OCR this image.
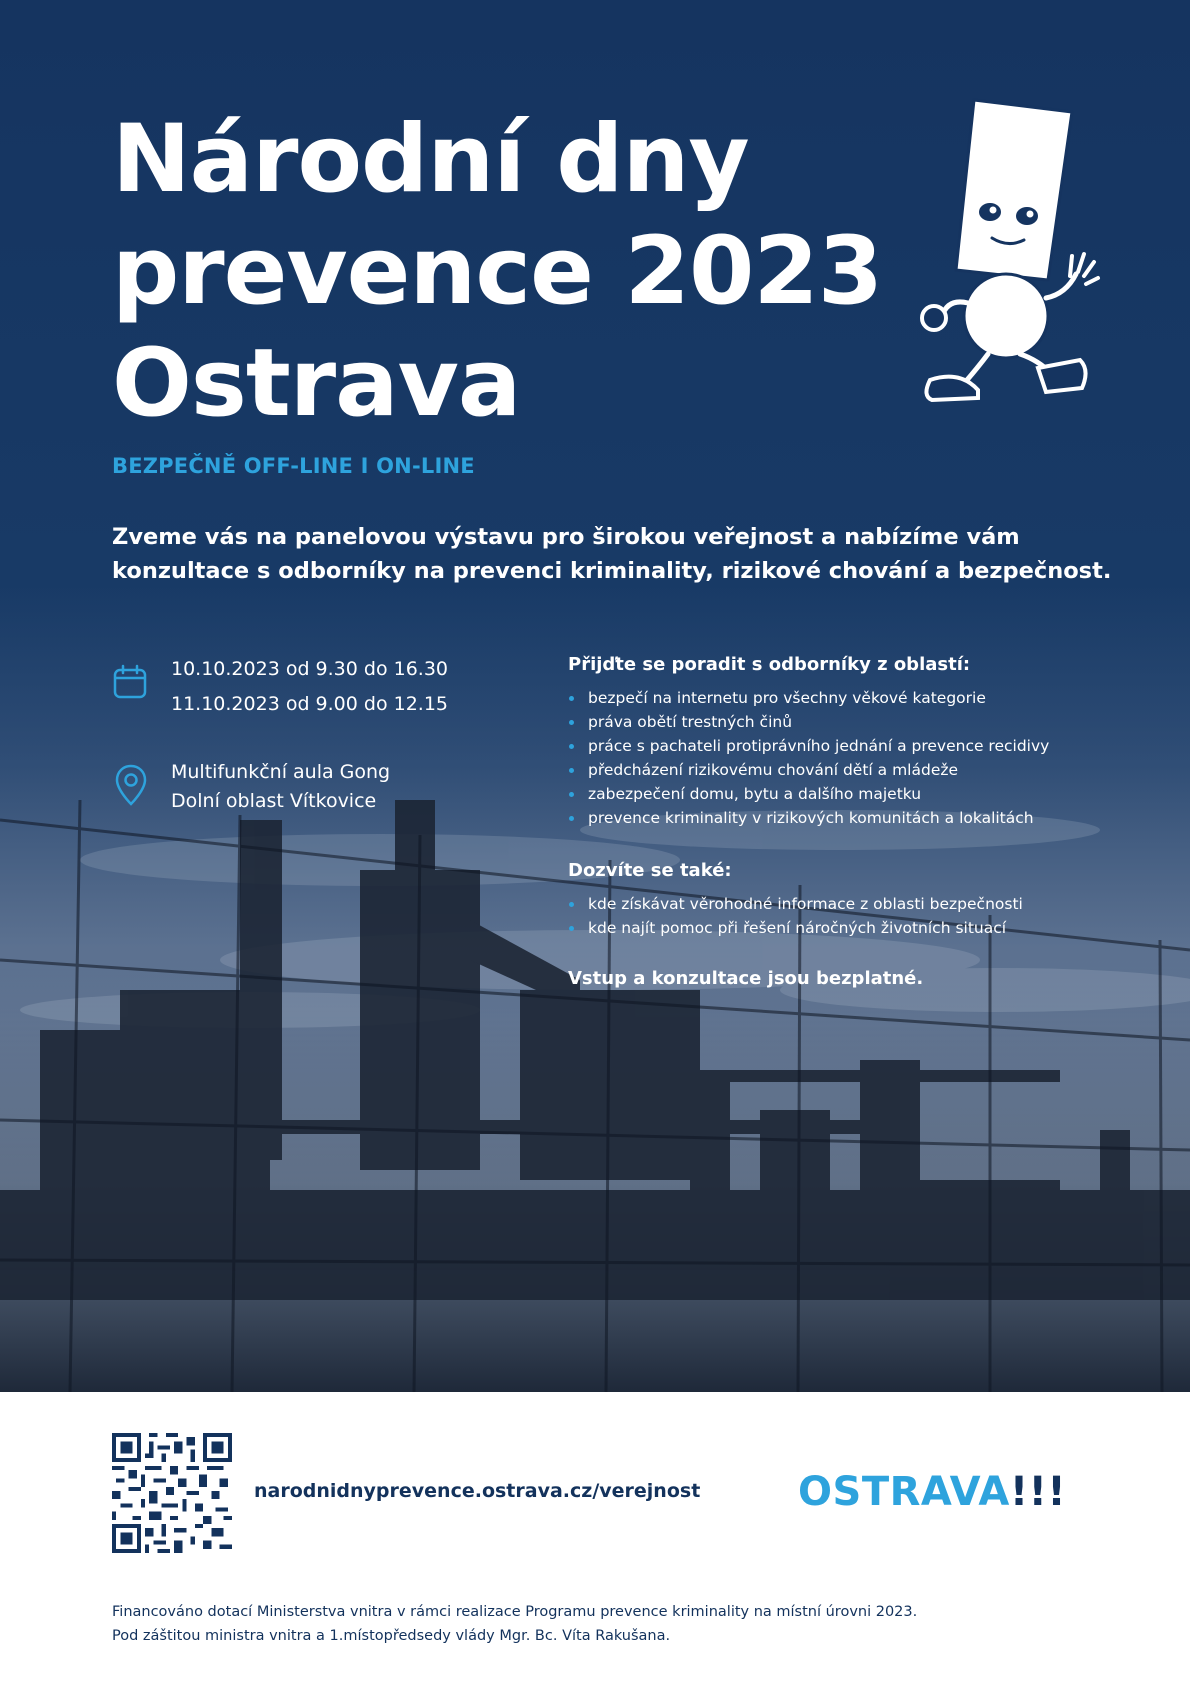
Národní dny
prevence 2023
Ostrava
BEZPEČNĚ OFF-LINE I ON-LINE
Zveme vás na panelovou výstavu pro širokou veřejnost a nabízíme vám
konzultace s odborníky na prevenci kriminality, rizikové chování a bezpečnost.
10.10.2023 od 9.30 do 16.30
11.10.2023 od 9.00 do 12.15
Multifunkční aula Gong
Dolní oblast Vítkovice
Přijďte se poradit s odborníky z oblastí:
bezpečí na internetu pro všechny věkové kategorie
práva obětí trestných činů
práce s pachateli protiprávního jednání a prevence recidivy
předcházení rizikovému chování dětí a mládeže
zabezpečení domu, bytu a dalšího majetku
prevence kriminality v rizikových komunitách a lokalitách
Dozvíte se také:
kde získávat věrohodné informace z oblasti bezpečnosti
kde najít pomoc při řešení náročných životních situací
Vstup a konzultace jsou bezplatné.
narodnidnyprevence.ostrava.cz/verejnost OSTRAVA!!!
Financováno dotací Ministerstva vnitra v rámci realizace Programu prevence kriminality na místní úrovni 2023.
Pod záštitou ministra vnitra a 1.místopředsedy vlády Mgr. Bc. Víta Rakušana.
